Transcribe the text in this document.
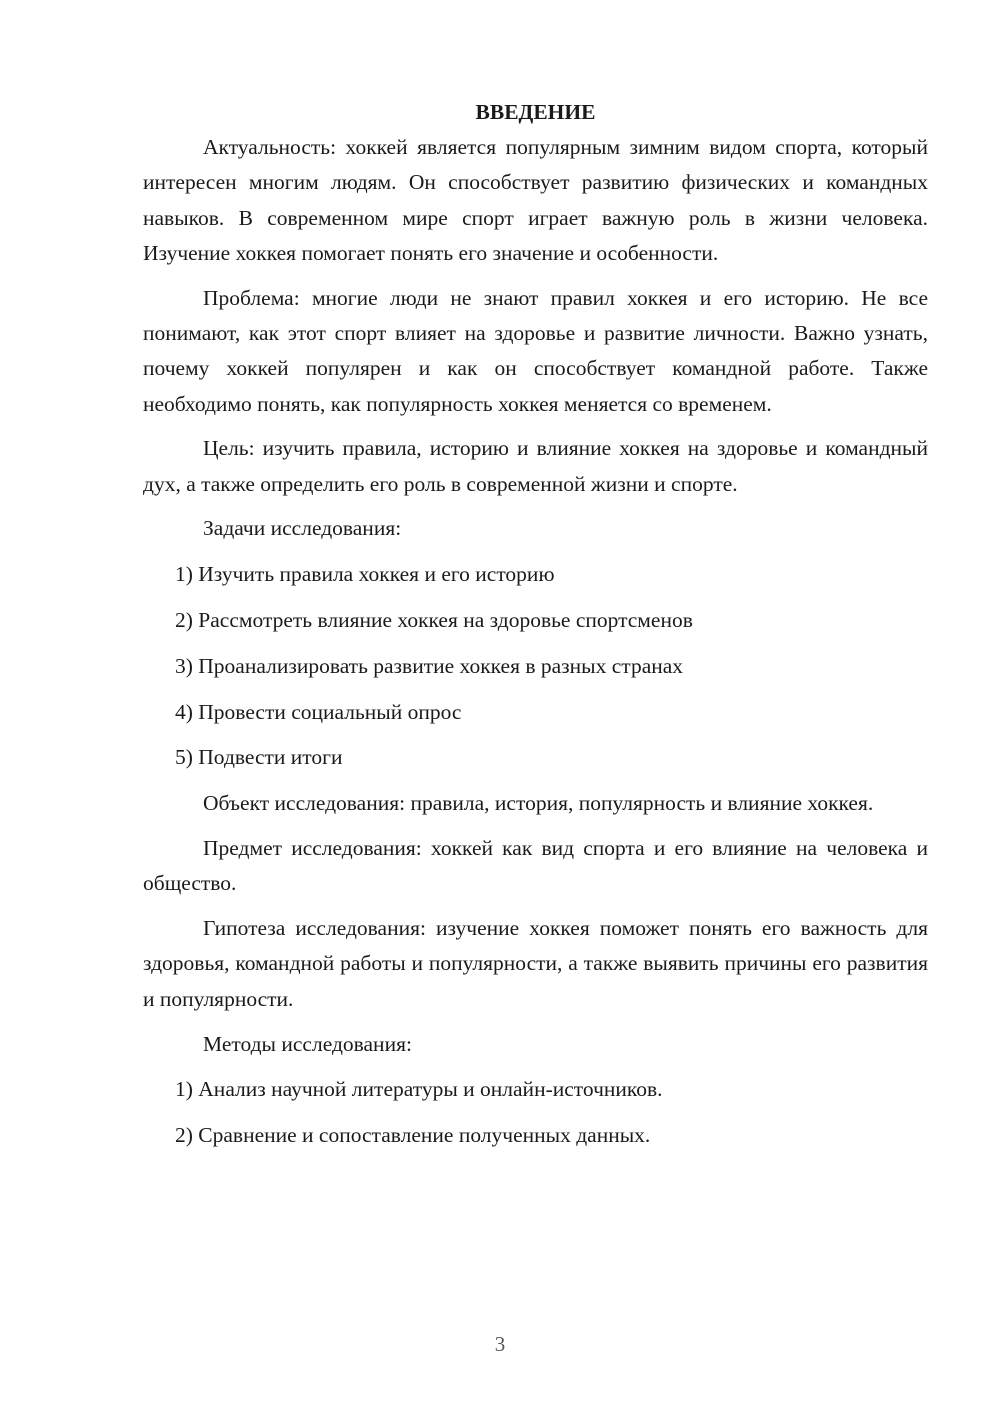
ВВЕДЕНИЕ

Актуальность: хоккей является популярным зимним видом спорта, который интересен многим людям. Он способствует развитию физических и командных навыков. В современном мире спорт играет важную роль в жизни человека. Изучение хоккея помогает понять его значение и особенности.

Проблема: многие люди не знают правил хоккея и его историю. Не все понимают, как этот спорт влияет на здоровье и развитие личности. Важно узнать, почему хоккей популярен и как он способствует командной работе. Также необходимо понять, как популярность хоккея меняется со временем.

Цель: изучить правила, историю и влияние хоккея на здоровье и командный дух, а также определить его роль в современной жизни и спорте.

Задачи исследования:
1) Изучить правила хоккея и его историю
2) Рассмотреть влияние хоккея на здоровье спортсменов
3) Проанализировать развитие хоккея в разных странах
4) Провести социальный опрос
5) Подвести итоги

Объект исследования: правила, история, популярность и влияние хоккея.

Предмет исследования: хоккей как вид спорта и его влияние на человека и общество.

Гипотеза исследования: изучение хоккея поможет понять его важность для здоровья, командной работы и популярности, а также выявить причины его развития и популярности.

Методы исследования:
1) Анализ научной литературы и онлайн-источников.
2) Сравнение и сопоставление полученных данных.
3
